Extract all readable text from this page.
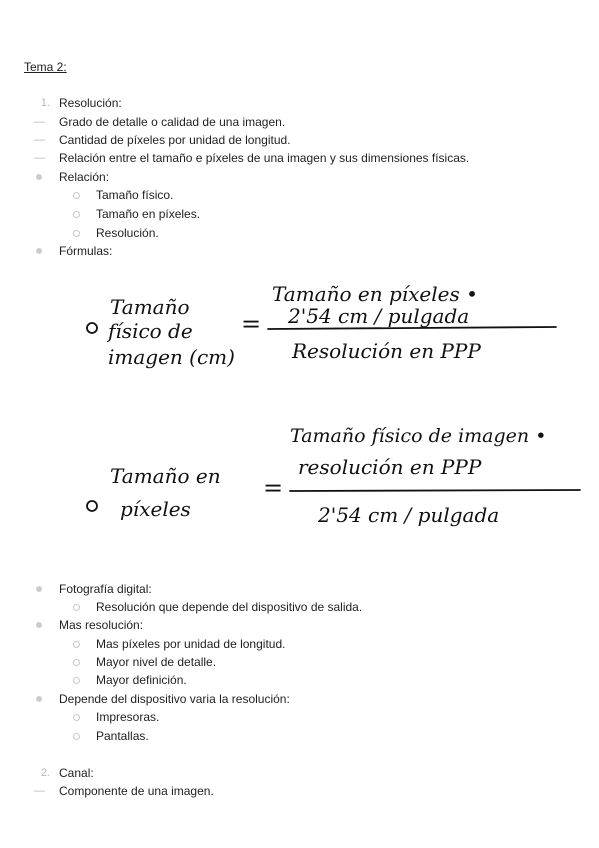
Tema 2:
1. Resolución:
— Grado de detalle o calidad de una imagen.
— Cantidad de píxeles por unidad de longitud.
— Relación entre el tamaño e píxeles de una imagen y sus dimensiones físicas.
Relación:
Tamaño físico.
Tamaño en píxeles.
Resolución.
Fórmulas:
Tamaño
físico de
imagen (cm)
=
Tamaño en píxeles •
2'54 cm / pulgada
Resolución en PPP
Tamaño en
píxeles
=
Tamaño físico de imagen •
resolución en PPP
2'54 cm / pulgada
Fotografía digital:
Resolución que depende del dispositivo de salida.
Mas resolución:
Mas píxeles por unidad de longitud.
Mayor nivel de detalle.
Mayor definición.
Depende del dispositivo varia la resolución:
Impresoras.
Pantallas.
2. Canal:
— Componente de una imagen.
